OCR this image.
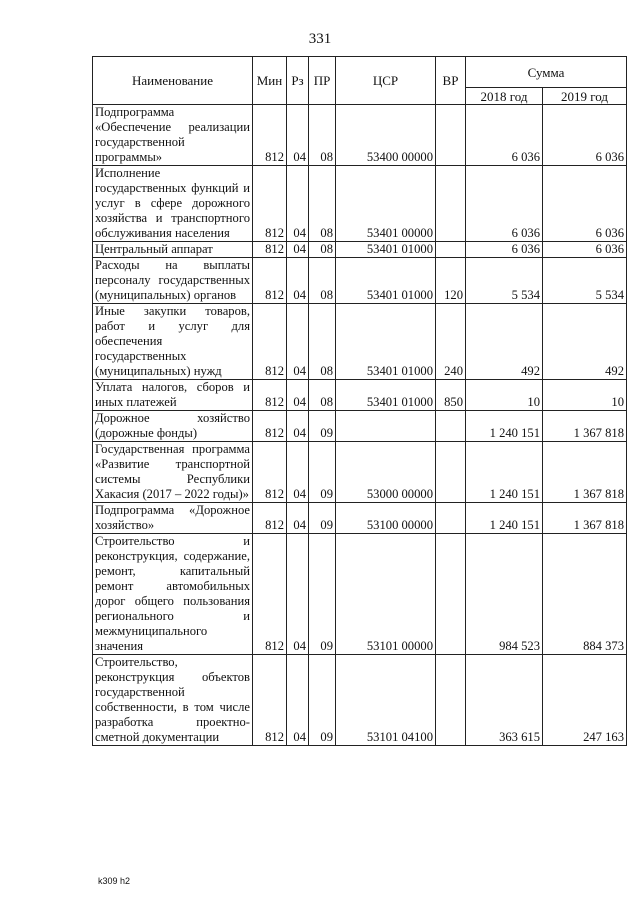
331
Наименование	Мин	Рз	ПР	ЦСР	ВР	Сумма	
						2018 год	2019 год
Подпрограмма «Обеспечение реализации государственной программы»	812	04	08	53400 00000		6 036	6 036
Исполнение государственных функций и услуг в сфере дорожного хозяйства и транспортного обслуживания населения	812	04	08	53401 00000		6 036	6 036
Центральный аппарат	812	04	08	53401 01000		6 036	6 036
Расходы на выплаты персоналу государственных (муниципальных) органов	812	04	08	53401 01000	120	5 534	5 534
Иные закупки товаров, работ и услуг для обеспечения государственных (муниципальных) нужд	812	04	08	53401 01000	240	492	492
Уплата налогов, сборов и иных платежей	812	04	08	53401 01000	850	10	10
Дорожное хозяйство (дорожные фонды)	812	04	09			1 240 151	1 367 818
Государственная программа «Развитие транспортной системы Республики Хакасия (2017 – 2022 годы)»	812	04	09	53000 00000		1 240 151	1 367 818
Подпрограмма «Дорожное хозяйство»	812	04	09	53100 00000		1 240 151	1 367 818
Строительство и реконструкция, содержание, ремонт, капитальный ремонт автомобильных дорог общего пользования регионального и межмуниципального значения	812	04	09	53101 00000		984 523	884 373
Строительство, реконструкция объектов государственной собственности, в том числе разработка проектно-сметной документации	812	04	09	53101 04100		363 615	247 163
k309 h2
